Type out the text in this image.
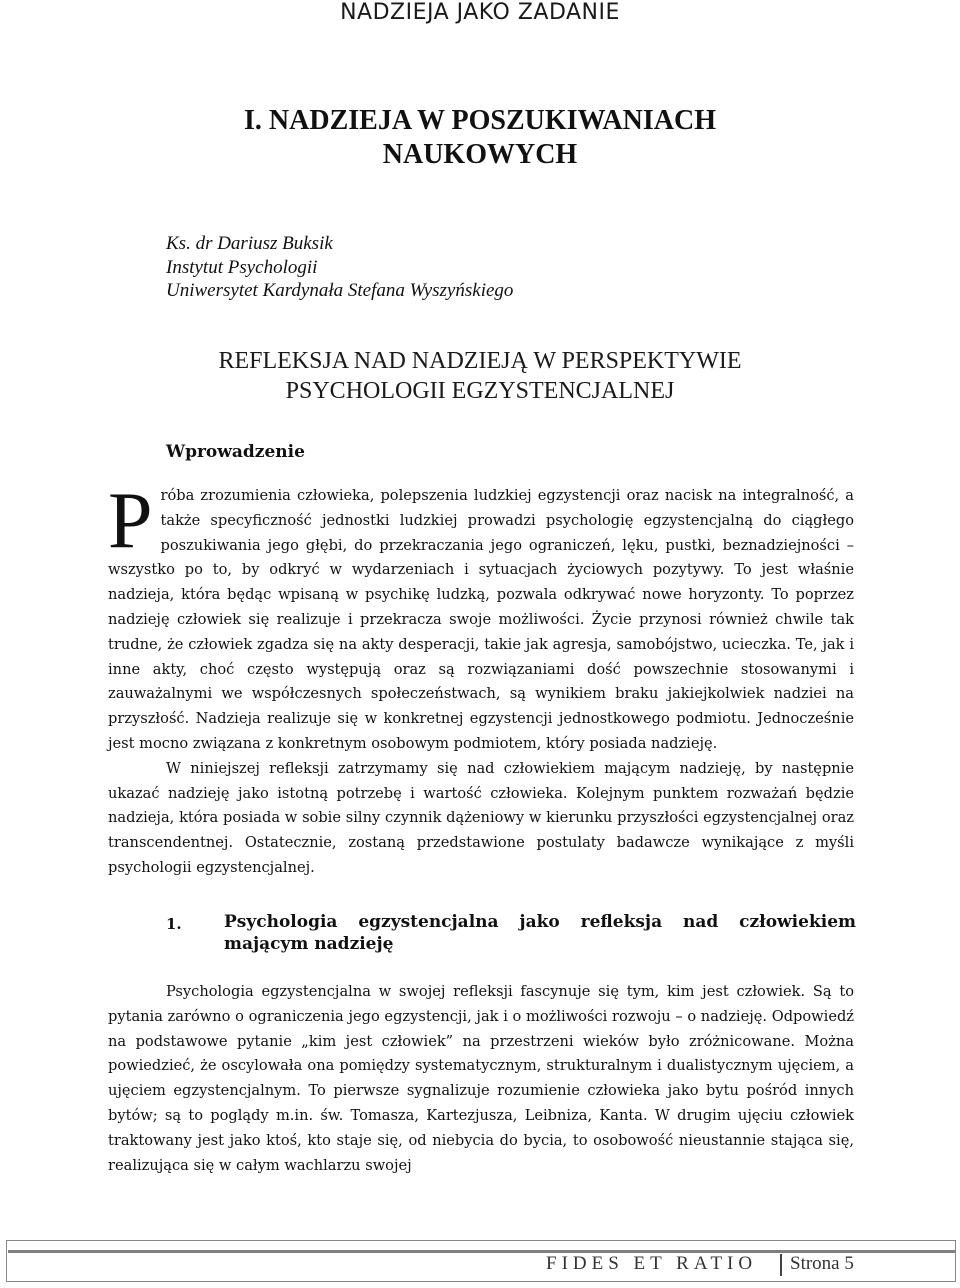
NADZIEJA JAKO ZADANIE
I. NADZIEJA W POSZUKIWANIACH
NAUKOWYCH
Ks. dr Dariusz Buksik
Instytut Psychologii
Uniwersytet Kardynała Stefana Wyszyńskiego
REFLEKSJA NAD NADZIEJĄ W PERSPEKTYWIE
PSYCHOLOGII EGZYSTENCJALNEJ
Wprowadzenie

Próba zrozumienia człowieka, polepszenia ludzkiej egzystencji oraz nacisk na integralność, a także specyficzność jednostki ludzkiej prowadzi psychologię egzystencjalną do ciągłego poszukiwania jego głębi, do przekraczania jego ograniczeń, lęku, pustki, beznadziejności – wszystko po to, by odkryć w wydarzeniach i sytuacjach życiowych pozytywy. To jest właśnie nadzieja, która będąc wpisaną w psychikę ludzką, pozwala odkrywać nowe horyzonty. To poprzez nadzieję człowiek się realizuje i przekracza swoje możliwości. Życie przynosi również chwile tak trudne, że człowiek zgadza się na akty desperacji, takie jak agresja, samobójstwo, ucieczka. Te, jak i inne akty, choć często występują oraz są rozwiązaniami dość powszechnie stosowanymi i zauważalnymi we współczesnych społeczeństwach, są wynikiem braku jakiejkolwiek nadziei na przyszłość. Nadzieja realizuje się w konkretnej egzystencji jednostkowego podmiotu. Jednocześnie jest mocno związana z konkretnym osobowym podmiotem, który posiada nadzieję.

W niniejszej refleksji zatrzymamy się nad człowiekiem mającym nadzieję, by następnie ukazać nadzieję jako istotną potrzebę i wartość człowieka. Kolejnym punktem rozważań będzie nadzieja, która posiada w sobie silny czynnik dążeniowy w kierunku przyszłości egzystencjalnej oraz transcendentnej. Ostatecznie, zostaną przedstawione postulaty badawcze wynikające z myśli psychologii egzystencjalnej.

1. Psychologia egzystencjalna jako refleksja nad człowiekiem mającym nadzieję

Psychologia egzystencjalna w swojej refleksji fascynuje się tym, kim jest człowiek. Są to pytania zarówno o ograniczenia jego egzystencji, jak i o możliwości rozwoju – o nadzieję. Odpowiedź na podstawowe pytanie „kim jest człowiek” na przestrzeni wieków było zróżnicowane. Można powiedzieć, że oscylowała ona pomiędzy systematycznym, strukturalnym i dualistycznym ujęciem, a ujęciem egzystencjalnym. To pierwsze sygnalizuje rozumienie człowieka jako bytu pośród innych bytów; są to poglądy m.in. św. Tomasza, Kartezjusza, Leibniza, Kanta. W drugim ujęciu człowiek traktowany jest jako ktoś, kto staje się, od niebycia do bycia, to osobowość nieustannie stająca się, realizująca się w całym wachlarzu swojej

FIDES ET RATIO Strona 5
